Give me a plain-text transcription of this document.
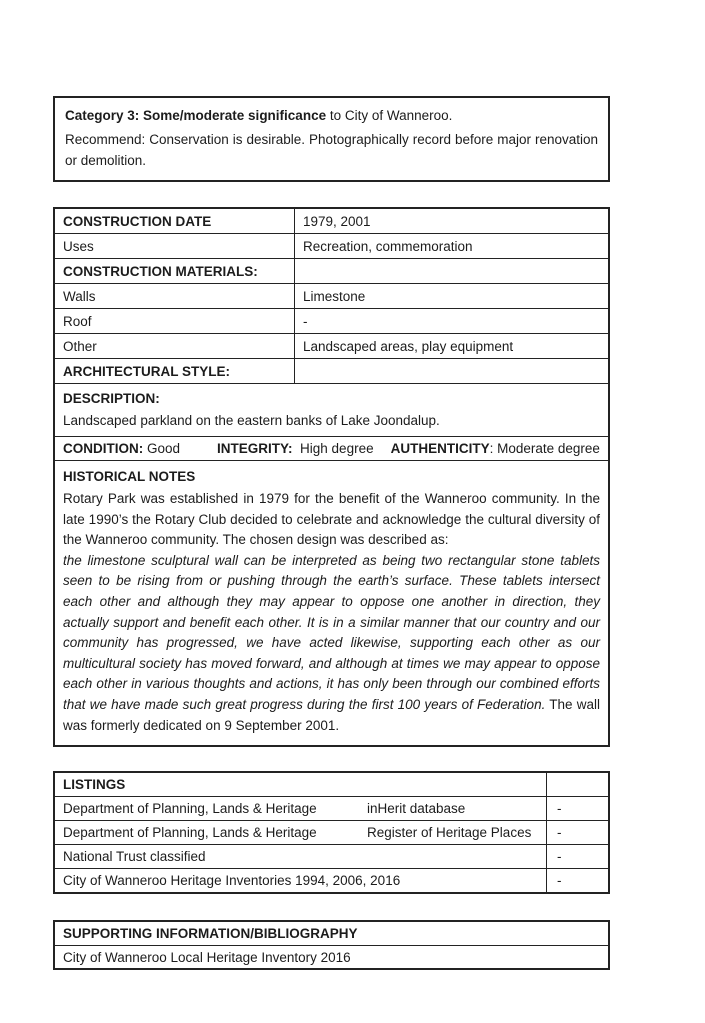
Category 3: Some/moderate significance to City of Wanneroo.
Recommend: Conservation is desirable. Photographically record before major renovation or demolition.
CONSTRUCTION DATE	1979, 2001
Uses	Recreation, commemoration
CONSTRUCTION MATERIALS:
Walls	Limestone
Roof	-
Other	Landscaped areas, play equipment
ARCHITECTURAL STYLE:
DESCRIPTION:
Landscaped parkland on the eastern banks of Lake Joondalup.
CONDITION: Good	INTEGRITY:  High degree AUTHENTICITY: Moderate degree
HISTORICAL NOTES

Rotary Park was established in 1979 for the benefit of the Wanneroo community. In the late 1990’s the Rotary Club decided to celebrate and acknowledge the cultural diversity of the Wanneroo community. The chosen design was described as:

the limestone sculptural wall can be interpreted as being two rectangular stone tablets seen to be rising from or pushing through the earth’s surface. These tablets intersect each other and although they may appear to oppose one another in direction, they actually support and benefit each other. It is in a similar manner that our country and our community has progressed, we have acted likewise, supporting each other as our multicultural society has moved forward, and although at times we may appear to oppose each other in various thoughts and actions, it has only been through our combined efforts that we have made such great progress during the first 100 years of Federation. The wall was formerly dedicated on 9 September 2001.

LISTINGS
Department of Planning, Lands & Heritage	inHerit database	-
Department of Planning, Lands & Heritage	Register of Heritage Places	-
National Trust classified	-
City of Wanneroo Heritage Inventories 1994, 2006, 2016	-
SUPPORTING INFORMATION/BIBLIOGRAPHY
City of Wanneroo Local Heritage Inventory 2016
